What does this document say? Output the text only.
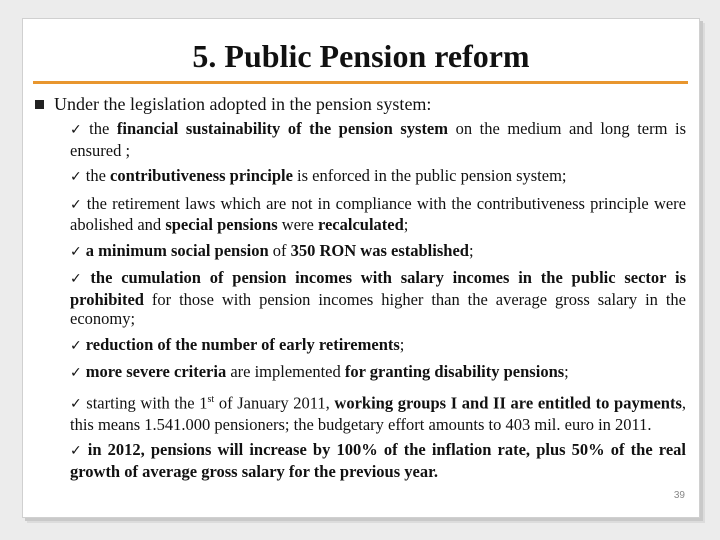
5. Public Pension reform
Under the legislation adopted in the pension system:
✓ the financial sustainability of the pension system on the medium and long term is ensured ;
✓ the contributiveness principle is enforced in the public pension system;
✓ the retirement laws which are not in compliance with the contributiveness principle were abolished and special pensions were recalculated;
✓ a minimum social pension of 350 RON was established;
✓ the cumulation of pension incomes with salary incomes in the public sector is prohibited for those with pension incomes higher than the average gross salary in the economy;
✓ reduction of the number of early retirements;
✓ more severe criteria are implemented for granting disability pensions;
✓ starting with the 1st of January 2011, working groups I and II are entitled to payments, this means 1.541.000 pensioners; the budgetary effort amounts to 403 mil. euro in 2011.
✓ in 2012, pensions will increase by 100% of the inflation rate, plus 50% of the real growth of average gross salary for the previous year.
39
